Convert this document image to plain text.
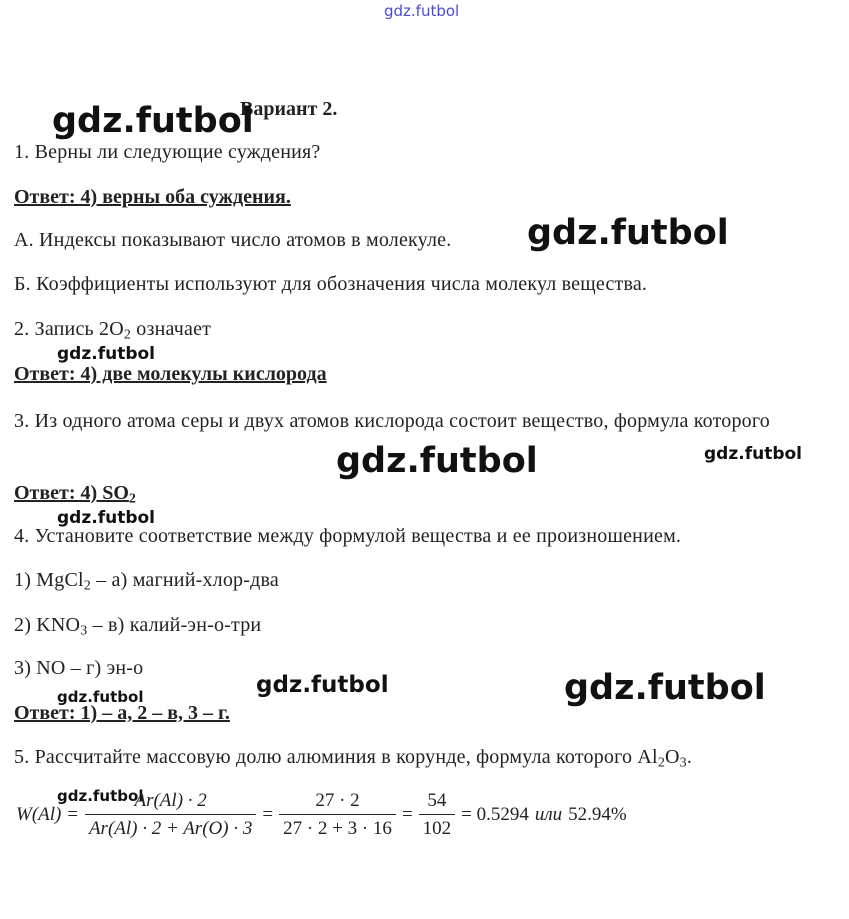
gdz.futbol
Вариант 2.
gdz.futbol
1. Верны ли следующие суждения?
Ответ: 4) верны оба суждения.
А. Индексы показывают число атомов в молекуле. gdz.futbol
Б. Коэффициенты используют для обозначения числа молекул вещества.
2. Запись $2O_2$ означает
gdz.futbol
Ответ: 4) две молекулы кислорода
3. Из одного атома серы и двух атомов кислорода состоит вещество, формула которого
gdz.futbol	gdz.futbol
Ответ: 4) $SO_2$
gdz.futbol
4. Установите соответствие между формулой вещества и ее произношением.
1) MgCl$_2$ – а) магний-хлор-два
2) $KNO_3 - в$) калий-эн-о-три
3) NO – г) эн-о
gdz.futbol	gdz.futbol
gdz.futbol
Ответ: 1) – а, 2 – в, 3 – г.
5. Рассчитайте массовую долю алюминия в корунде, формула которого $Al_2O_3$.
gdz.futbol
$W(Al) = \frac{Ar(Al) \cdot 2}{Ar(Al) \cdot 2 + Ar(O) \cdot 3} = \frac{27 \cdot 2}{27 \cdot 2 + 3 \cdot 16} = \frac{54}{102} = 0.5294$ или 52.94%
